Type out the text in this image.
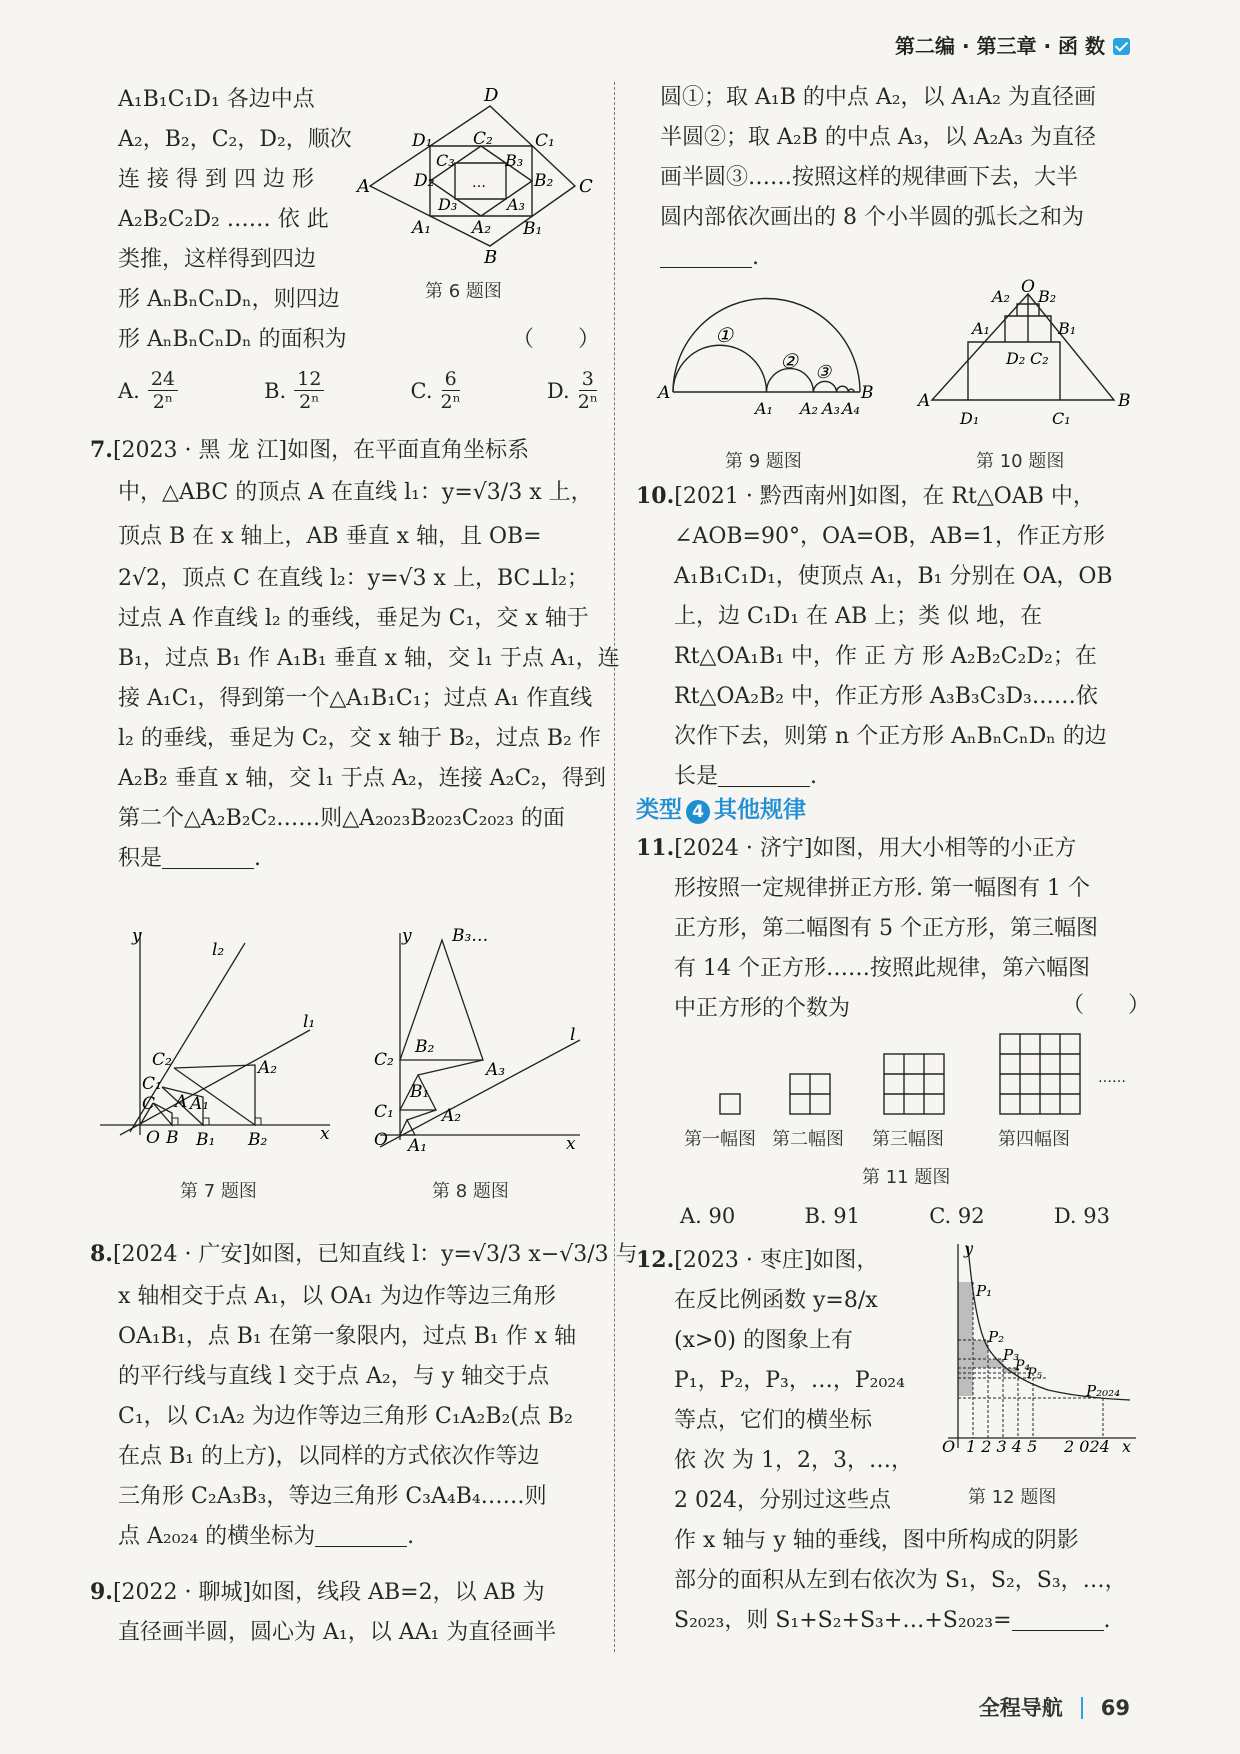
第二编 · 第三章 · 函 数
A₁B₁C₁D₁ 各边中点
A₂，B₂，C₂，D₂，顺次
连 接 得 到 四 边 形
A₂B₂C₂D₂ …… 依 此
类推，这样得到四边
形 AₙBₙCₙDₙ，则四边
形 AₙBₙCₙDₙ 的面积为	（　　）
A. $\frac{24}{\text{2ⁿ}}$	B. $\frac{12}{\text{2ⁿ}}$	C. $\frac{6}{\text{2ⁿ}}$	D. $\frac{3}{\text{2ⁿ}}$
D
D₁ C₂ C₁
C₃	B₃
D₂	B₂
A	C
D₃	A₃
A₁ A₂ B₁
B
…
第 6 题图
7.[2023 · 黑 龙 江]如图，在平面直角坐标系
中，△ABC 的顶点 A 在直线 l₁：y=√3/3 x 上，
顶点 B 在 x 轴上，AB 垂直 x 轴，且 OB=
2√2，顶点 C 在直线 l₂：y=√3 x 上，BC⊥l₂；
过点 A 作直线 l₂ 的垂线，垂足为 C₁，交 x 轴于
B₁，过点 B₁ 作 A₁B₁ 垂直 x 轴，交 l₁ 于点 A₁，连
接 A₁C₁，得到第一个△A₁B₁C₁；过点 A₁ 作直线
l₂ 的垂线，垂足为 C₂，交 x 轴于 B₂，过点 B₂ 作
A₂B₂ 垂直 x 轴，交 l₁ 于点 A₂，连接 A₂C₂，得到
第二个△A₂B₂C₂……则△A₂₀₂₃B₂₀₂₃C₂₀₂₃ 的面
积是	.
y
l₂
l₁
C₂	A₂
C₁
C A A₁
O B B₁ B₂	x
第 7 题图
y B₃…
C₂
B₂
l
A₃
C₁
B₁
A₂
O A₁	x
第 8 题图
8.[2024 · 广安]如图，已知直线 l：y=√3/3 x−√3/3 与
x 轴相交于点 A₁，以 OA₁ 为边作等边三角形
OA₁B₁，点 B₁ 在第一象限内，过点 B₁ 作 x 轴
的平行线与直线 l 交于点 A₂，与 y 轴交于点
C₁，以 C₁A₂ 为边作等边三角形 C₁A₂B₂(点 B₂
在点 B₁ 的上方)，以同样的方式依次作等边
三角形 C₂A₃B₃，等边三角形 C₃A₄B₄……则
点 A₂₀₂₄ 的横坐标为	.
9.[2022 · 聊城]如图，线段 AB=2，以 AB 为
直径画半圆，圆心为 A₁，以 AA₁ 为直径画半
圆①；取 A₁B 的中点 A₂，以 A₁A₂ 为直径画
半圆②；取 A₂B 的中点 A₃，以 A₂A₃ 为直径
画半圆③……按照这样的规律画下去，大半
圆内部依次画出的 8 个小半圆的弧长之和为
.
①
② ③
A
A₁ A₂ A₃ A₄
B
第 9 题图
O
A₂ B₂
A₁	B₁
D₂ C₂
A	B
D₁	C₁
第 10 题图
10.[2021 · 黔西南州]如图，在 Rt△OAB 中，
∠AOB=90°，OA=OB，AB=1，作正方形
A₁B₁C₁D₁，使顶点 A₁，B₁ 分别在 OA，OB
上，边 C₁D₁ 在 AB 上；类 似 地，在
Rt△OA₁B₁ 中，作 正 方 形 A₂B₂C₂D₂；在
Rt△OA₂B₂ 中，作正方形 A₃B₃C₃D₃……依
次作下去，则第 n 个正方形 AₙBₙCₙDₙ 的边
长是	.
类型 4 其他规律
11.[2024 · 济宁]如图，用大小相等的小正方
形按照一定规律拼正方形. 第一幅图有 1 个
正方形，第二幅图有 5 个正方形，第三幅图
有 14 个正方形……按照此规律，第六幅图
中正方形的个数为	（　　）
第一幅图 第二幅图 第三幅图	第四幅图
……
第 11 题图
A. 90	B. 91	C. 92	D. 93
12.[2023 · 枣庄]如图，
在反比例函数 y=8/x
(x>0) 的图象上有
P₁，P₂，P₃，…，P₂₀₂₄
等点，它们的横坐标
依 次 为 1，2，3，…，
2 024，分别过这些点
作 x 轴与 y 轴的垂线，图中所构成的阴影
部分的面积从左到右依次为 S₁，S₂，S₃，…，
S₂₀₂₃，则 S₁+S₂+S₃+…+S₂₀₂₃=	.
y
P₁
P₂
P₃
P₄
P₅
P₂₀₂₄
O 1 2 3 4 5 2 024 x
第 12 题图
全程导航 69
